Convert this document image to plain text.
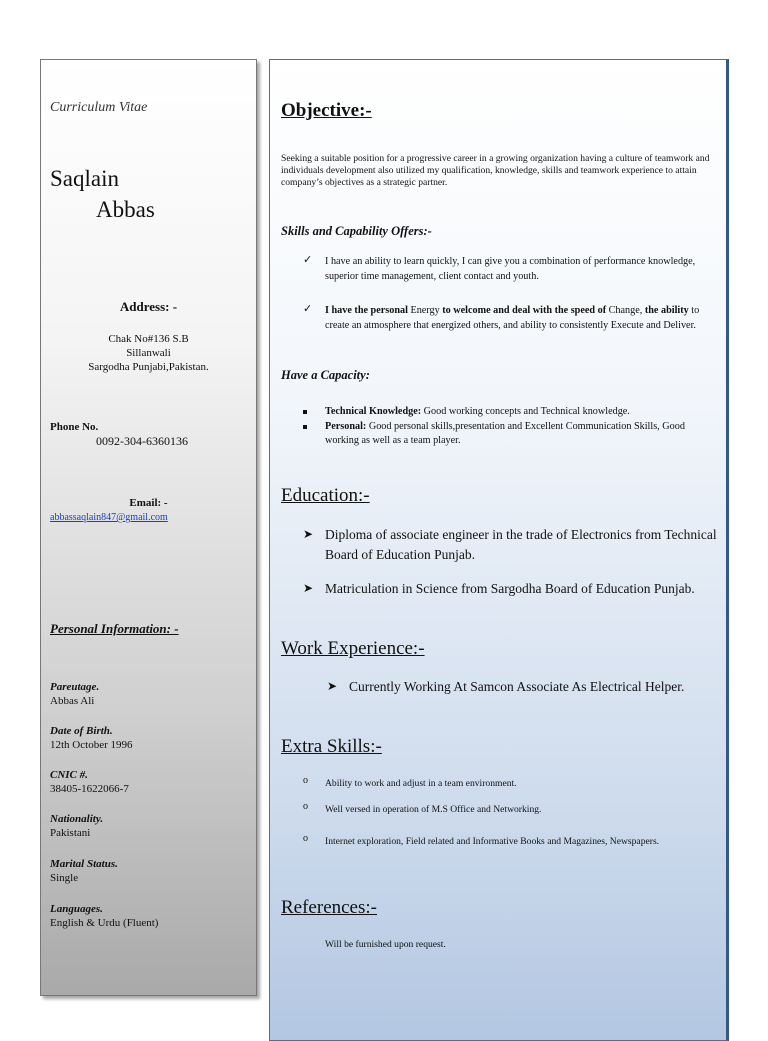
Curriculum Vitae
Saqlain
Abbas
Address: -
Chak No#136 S.B
Sillanwali
Sargodha Punjabi,Pakistan.
Phone No.
0092-304-6360136
Email: -
abbassaqlain847@gmail.com
Personal Information: -
Pareutage.
Abbas Ali
Date of Birth.
12th October 1996
CNIC #.
38405-1622066-7
Nationality.
Pakistani
Marital Status.
Single
Languages.
English & Urdu (Fluent)
Objective:-
Seeking a suitable position for a progressive career in a growing organization having a culture of teamwork and individuals development also utilized my qualification, knowledge, skills and teamwork experience to attain company’s objectives as a strategic partner.
Skills and Capability Offers:-
✓ I have an ability to learn quickly, I can give you a combination of performance knowledge, superior time management, client contact and youth.
✓ I have the personal Energy to welcome and deal with the speed of Change, the ability to create an atmosphere that energized others, and ability to consistently Execute and Deliver.
Have a Capacity:
Technical Knowledge: Good working concepts and Technical knowledge.
Personal: Good personal skills,presentation and Excellent Communication Skills, Good working as well as a team player.
Education:-
➤ Diploma of associate engineer in the trade of Electronics from Technical Board of Education Punjab.
➤ Matriculation in Science from Sargodha Board of Education Punjab.
Work Experience:-
➤ Currently Working At Samcon Associate As Electrical Helper.
Extra Skills:-
o Ability to work and adjust in a team environment.
o Well versed in operation of M.S Office and Networking.
o Internet exploration, Field related and Informative Books and Magazines, Newspapers.
References:-
Will be furnished upon request.
